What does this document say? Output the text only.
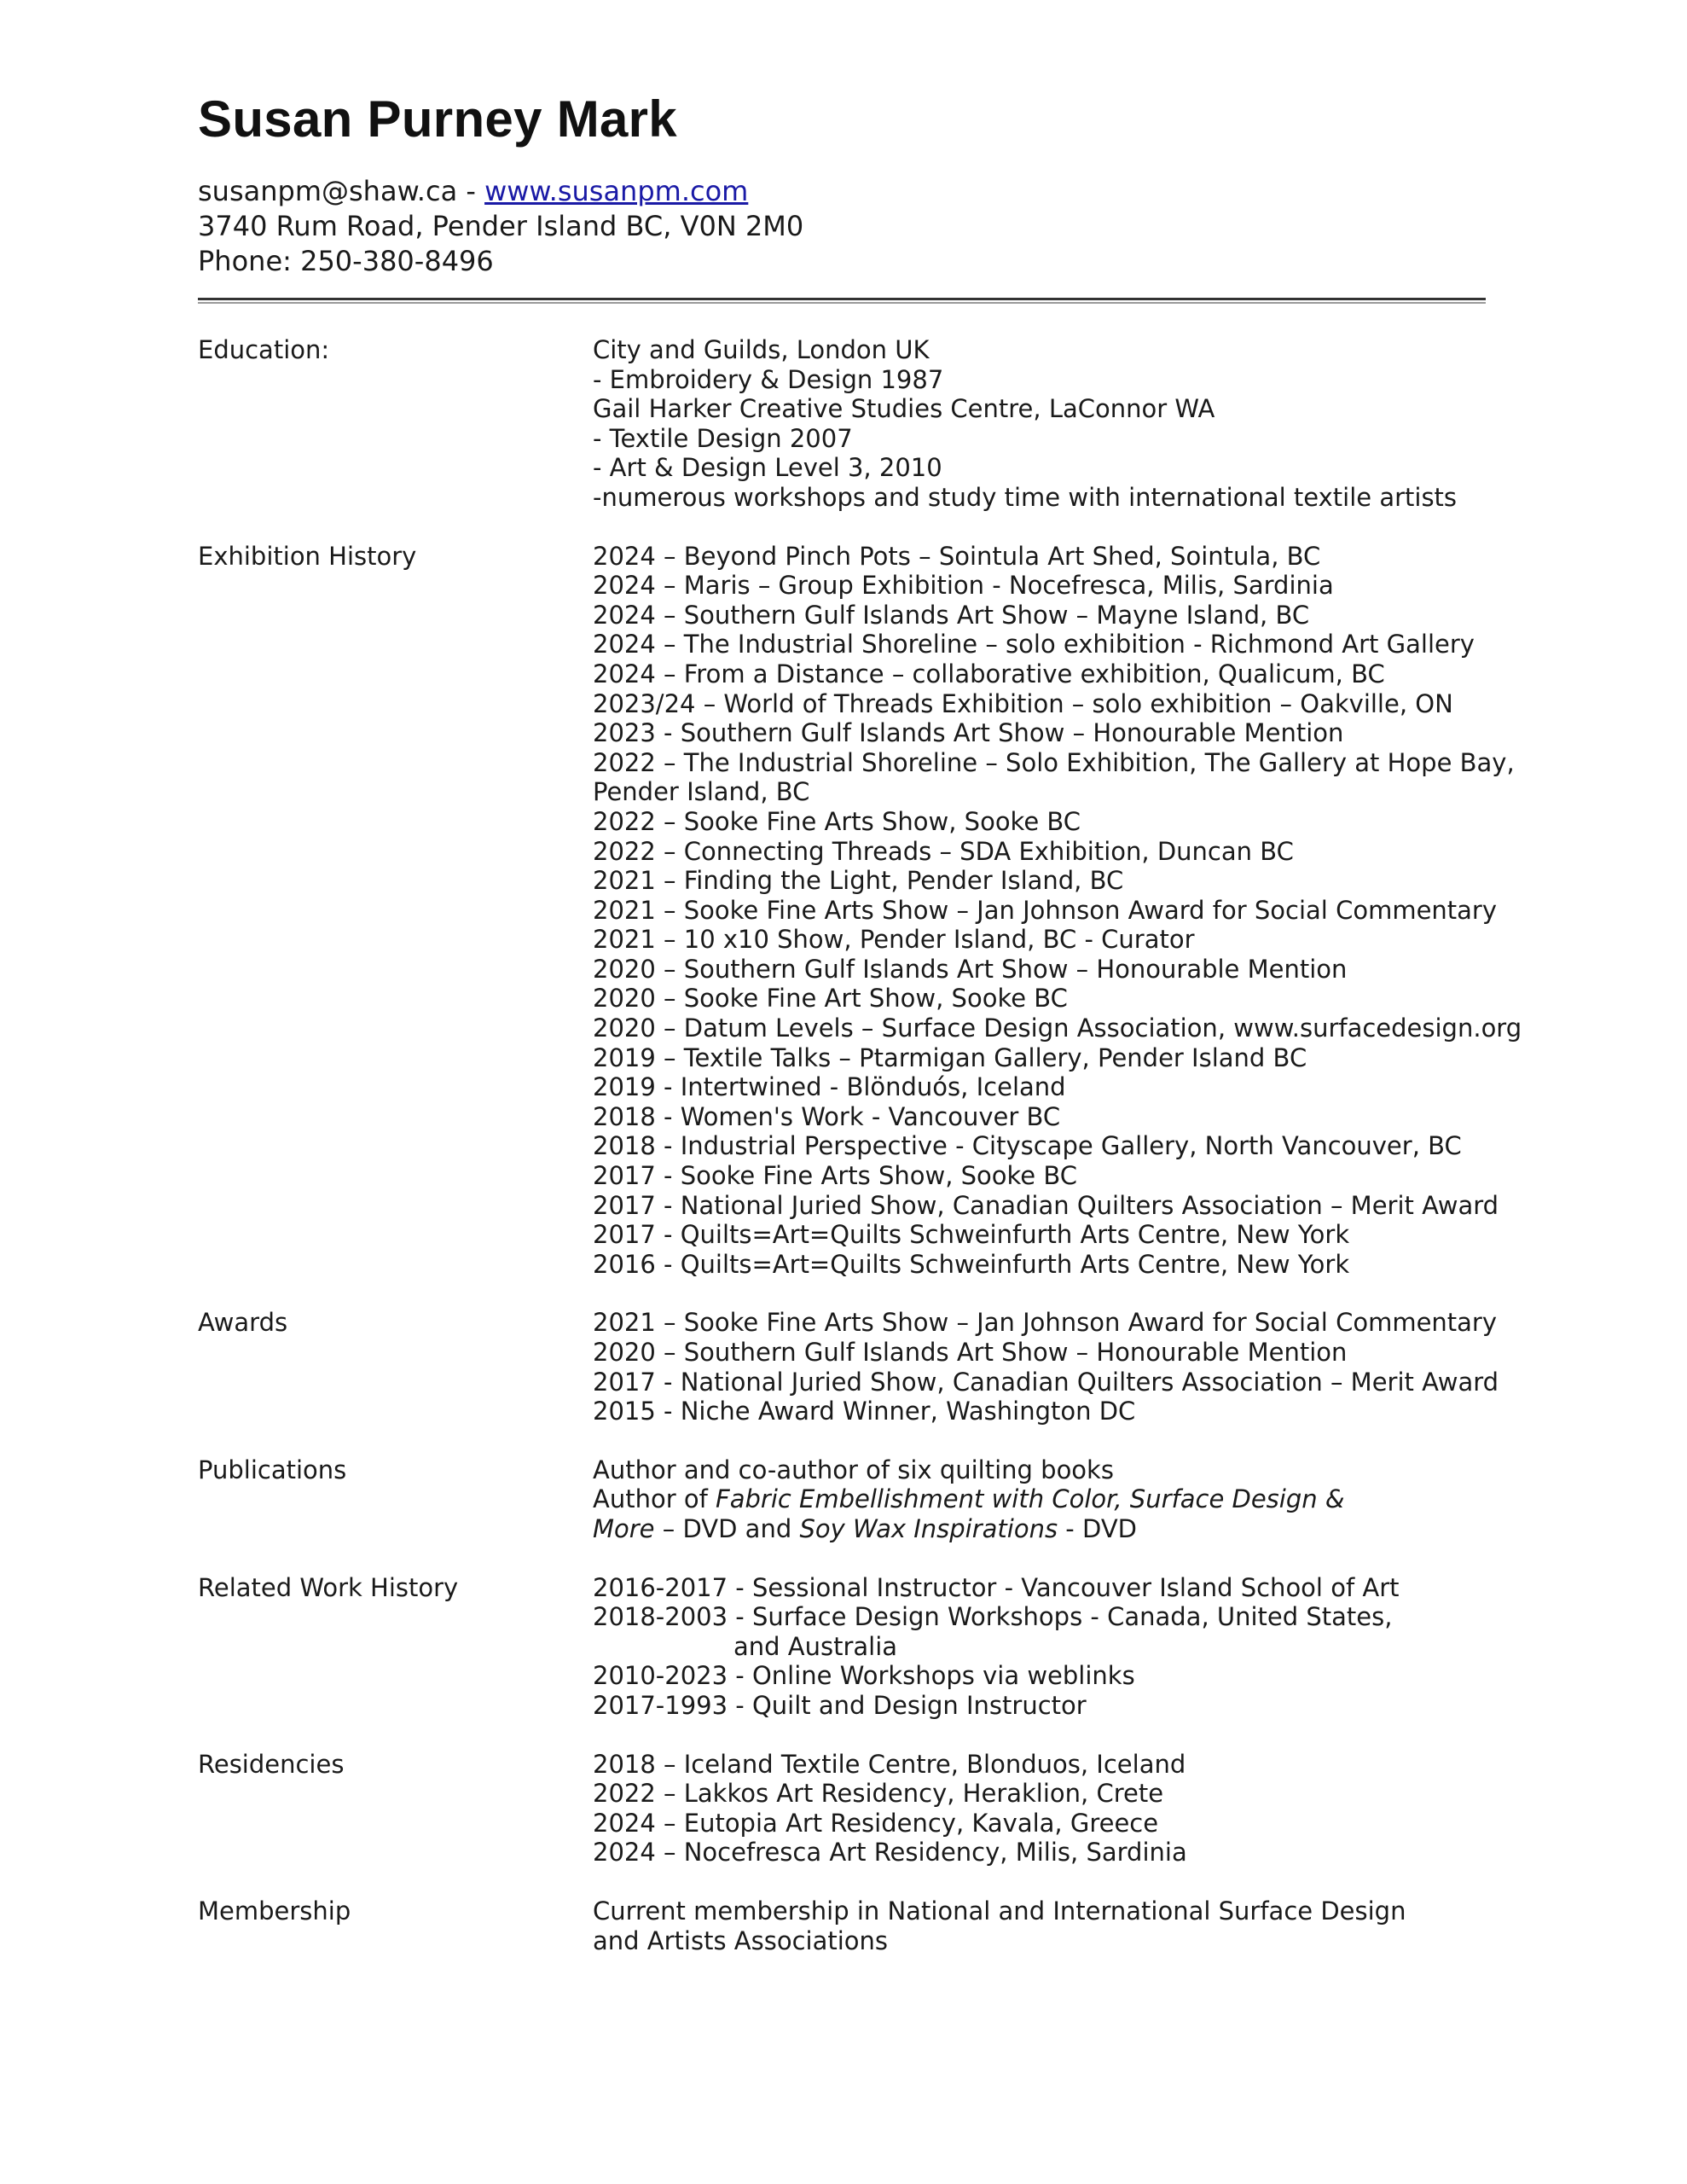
Susan Purney Mark
susanpm@shaw.ca - www.susanpm.com
3740 Rum Road, Pender Island BC, V0N 2M0
Phone: 250-380-8496
Education:	City and Guilds, London UK
- Embroidery & Design 1987
Gail Harker Creative Studies Centre, LaConnor WA
- Textile Design 2007
- Art & Design Level 3, 2010
-numerous workshops and study time with international textile artists
Exhibition History	2024 – Beyond Pinch Pots – Sointula Art Shed, Sointula, BC
2024 – Maris – Group Exhibition - Nocefresca, Milis, Sardinia
2024 – Southern Gulf Islands Art Show – Mayne Island, BC
2024 – The Industrial Shoreline – solo exhibition - Richmond Art Gallery
2024 – From a Distance – collaborative exhibition, Qualicum, BC
2023/24 – World of Threads Exhibition – solo exhibition – Oakville, ON
2023 - Southern Gulf Islands Art Show – Honourable Mention
2022 – The Industrial Shoreline – Solo Exhibition, The Gallery at Hope Bay,
Pender Island, BC
2022 – Sooke Fine Arts Show, Sooke BC
2022 – Connecting Threads – SDA Exhibition, Duncan BC
2021 – Finding the Light, Pender Island, BC
2021 – Sooke Fine Arts Show – Jan Johnson Award for Social Commentary
2021 – 10 x10 Show, Pender Island, BC - Curator
2020 – Southern Gulf Islands Art Show – Honourable Mention
2020 – Sooke Fine Art Show, Sooke BC
2020 – Datum Levels – Surface Design Association, www.surfacedesign.org
2019 – Textile Talks – Ptarmigan Gallery, Pender Island BC
2019 - Intertwined - Blönduós, Iceland
2018 - Women's Work - Vancouver BC
2018 - Industrial Perspective - Cityscape Gallery, North Vancouver, BC
2017 - Sooke Fine Arts Show, Sooke BC
2017 - National Juried Show, Canadian Quilters Association – Merit Award
2017 - Quilts=Art=Quilts Schweinfurth Arts Centre, New York
2016 - Quilts=Art=Quilts Schweinfurth Arts Centre, New York
Awards	2021 – Sooke Fine Arts Show – Jan Johnson Award for Social Commentary
2020 – Southern Gulf Islands Art Show – Honourable Mention
2017 - National Juried Show, Canadian Quilters Association – Merit Award
2015 - Niche Award Winner, Washington DC
Publications	Author and co-author of six quilting books
Author of Fabric Embellishment with Color, Surface Design &
More – DVD and Soy Wax Inspirations - DVD
Related Work History	2016-2017 - Sessional Instructor - Vancouver Island School of Art
2018-2003 - Surface Design Workshops - Canada, United States,
and Australia
2010-2023 - Online Workshops via weblinks
2017-1993 - Quilt and Design Instructor
Residencies	2018 – Iceland Textile Centre, Blonduos, Iceland
2022 – Lakkos Art Residency, Heraklion, Crete
2024 – Eutopia Art Residency, Kavala, Greece
2024 – Nocefresca Art Residency, Milis, Sardinia
Membership	Current membership in National and International Surface Design
and Artists Associations
